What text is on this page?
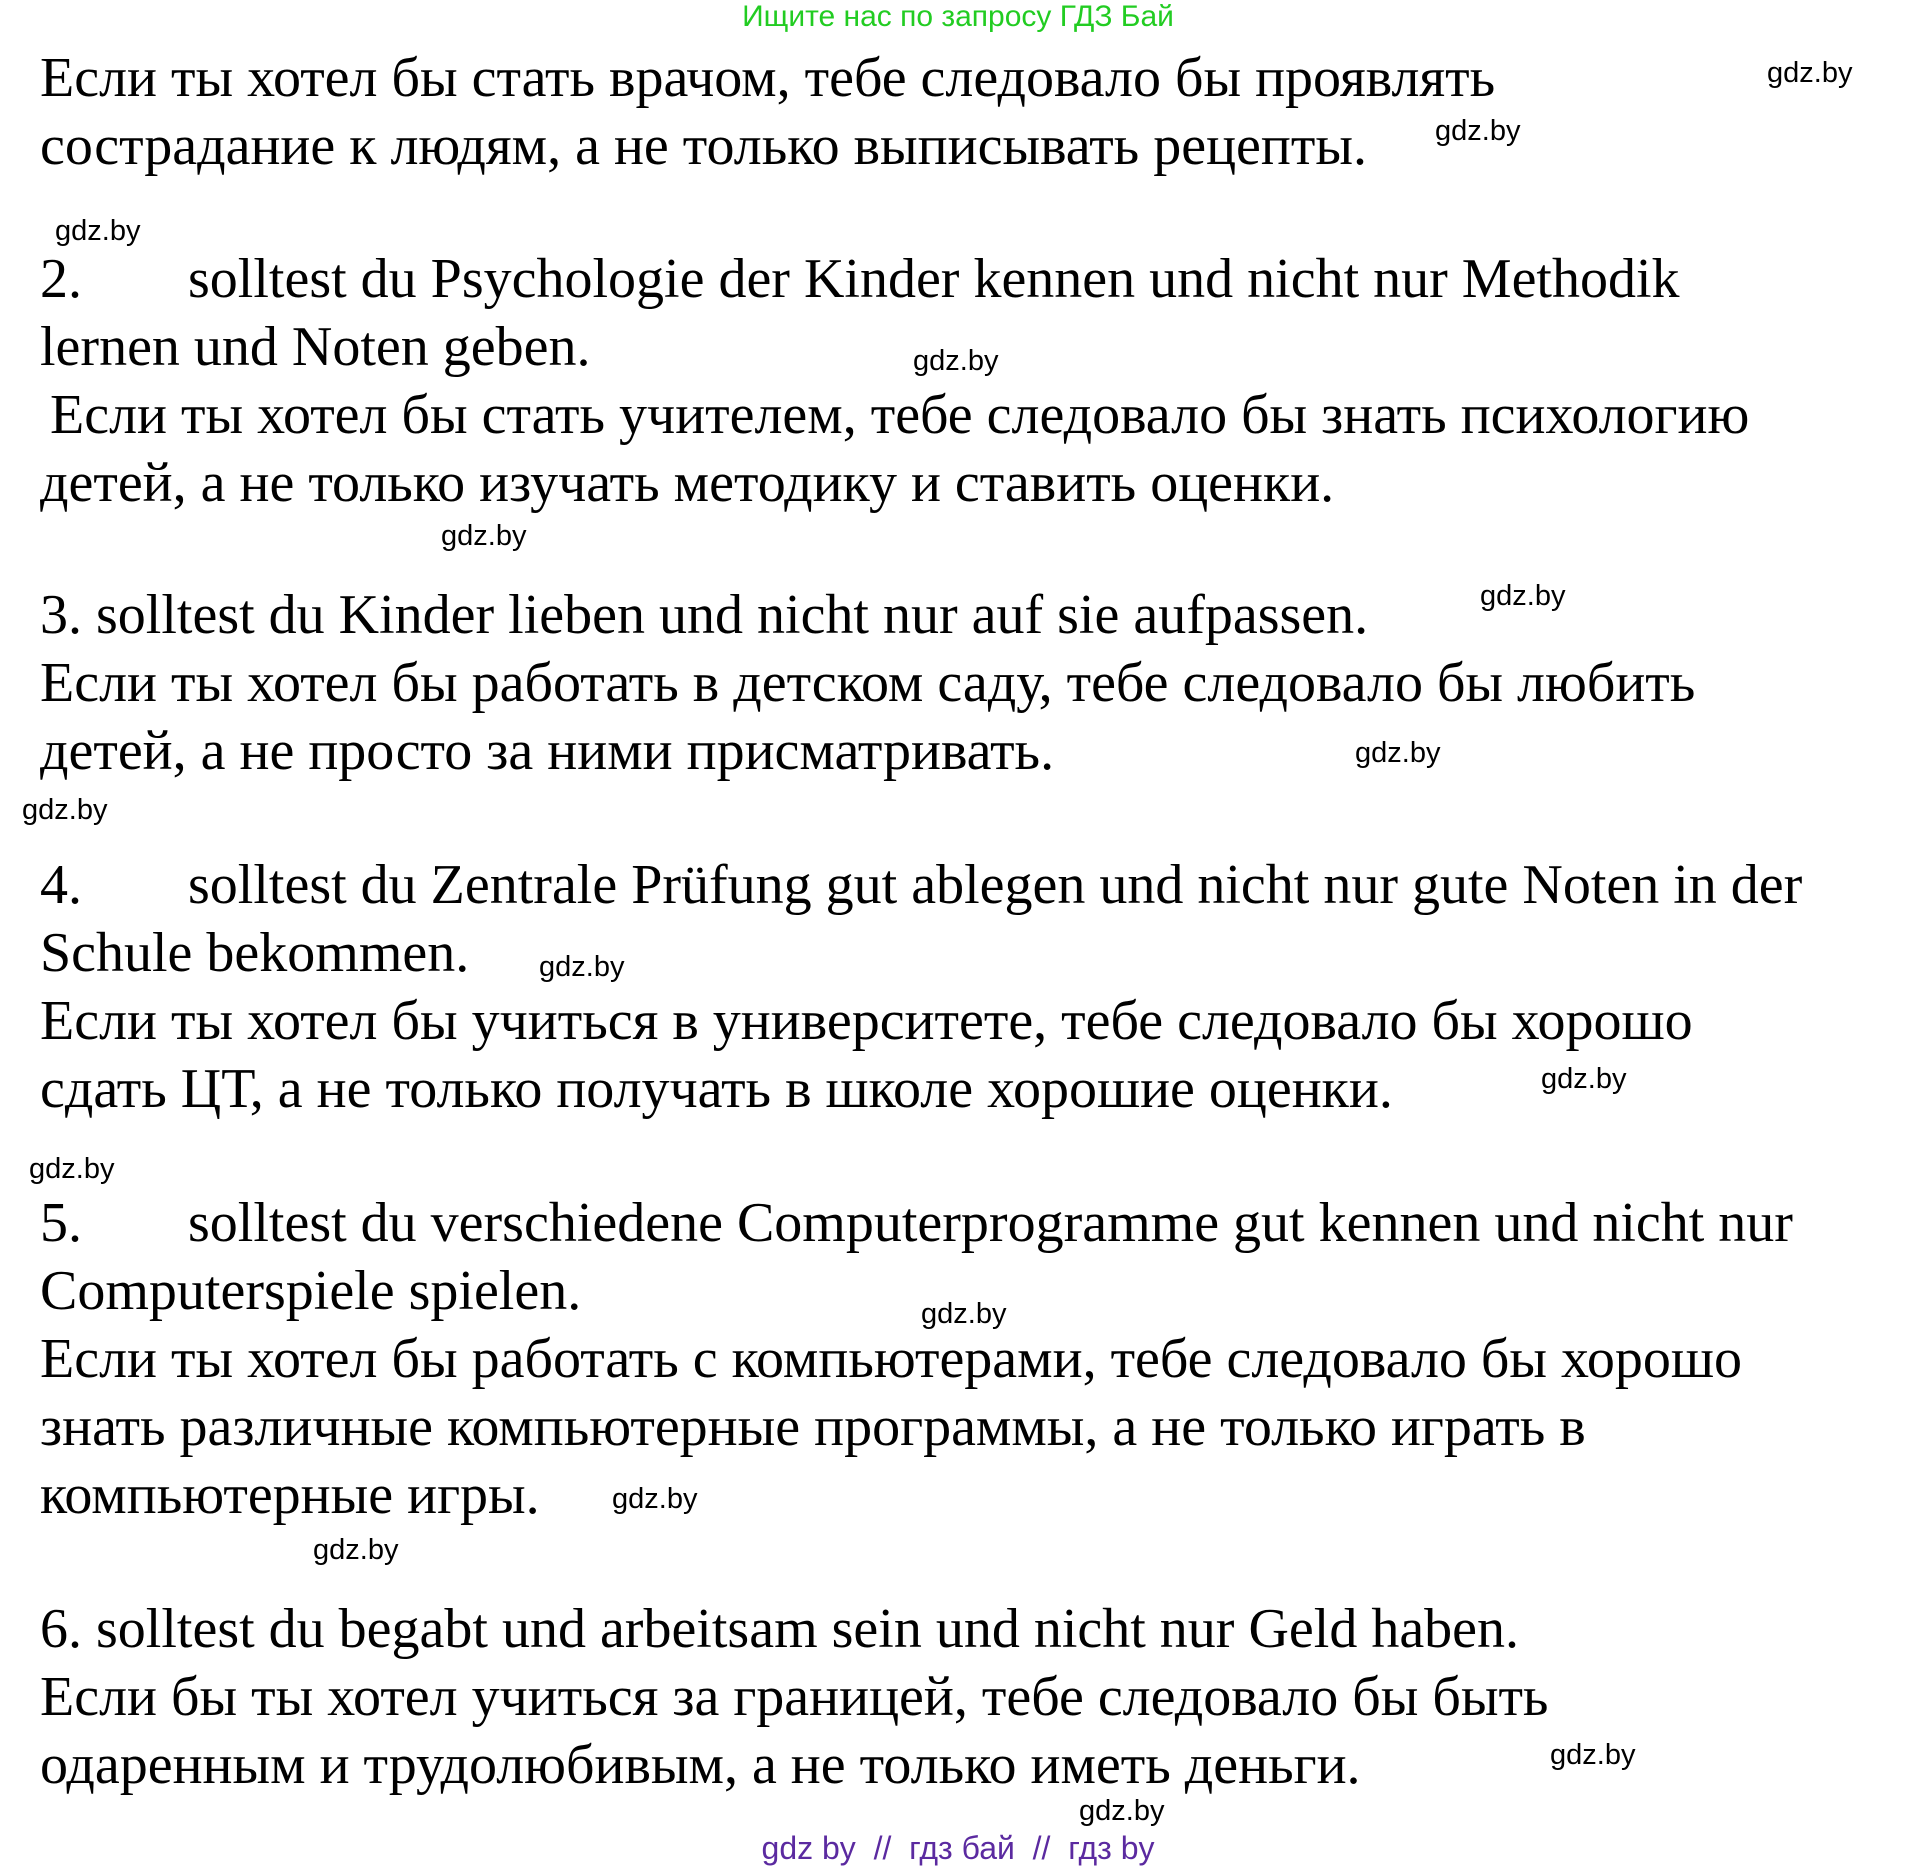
Ищите нас по запросу ГДЗ Бай
Если ты хотел бы стать врачом, тебе следовало бы проявлять
сострадание к людям, а не только выписывать рецепты.
2. solltest du Psychologie der Kinder kennen und nicht nur Methodik
lernen und Noten geben.
Если ты хотел бы стать учителем, тебе следовало бы знать психологию
детей, а не только изучать методику и ставить оценки.
3. solltest du Kinder lieben und nicht nur auf sie aufpassen.
Если ты хотел бы работать в детском саду, тебе следовало бы любить
детей, а не просто за ними присматривать.
4. solltest du Zentrale Prüfung gut ablegen und nicht nur gute Noten in der
Schule bekommen.
Если ты хотел бы учиться в университете, тебе следовало бы хорошо
сдать ЦТ, а не только получать в школе хорошие оценки.
5. solltest du verschiedene Computerprogramme gut kennen und nicht nur
Computerspiele spielen.
Если ты хотел бы работать с компьютерами, тебе следовало бы хорошо
знать различные компьютерные программы, а не только играть в
компьютерные игры.
6. solltest du begabt und arbeitsam sein und nicht nur Geld haben.
Если бы ты хотел учиться за границей, тебе следовало бы быть
одаренным и трудолюбивым, а не только иметь деньги.
gdz.by
gdz.by
gdz.by
gdz.by
gdz.by
gdz.by
gdz.by
gdz.by
gdz.by
gdz.by
gdz.by
gdz.by
gdz.by
gdz.by
gdz.by
gdz.by
gdz by  //  гдз бай  //  гдз by
